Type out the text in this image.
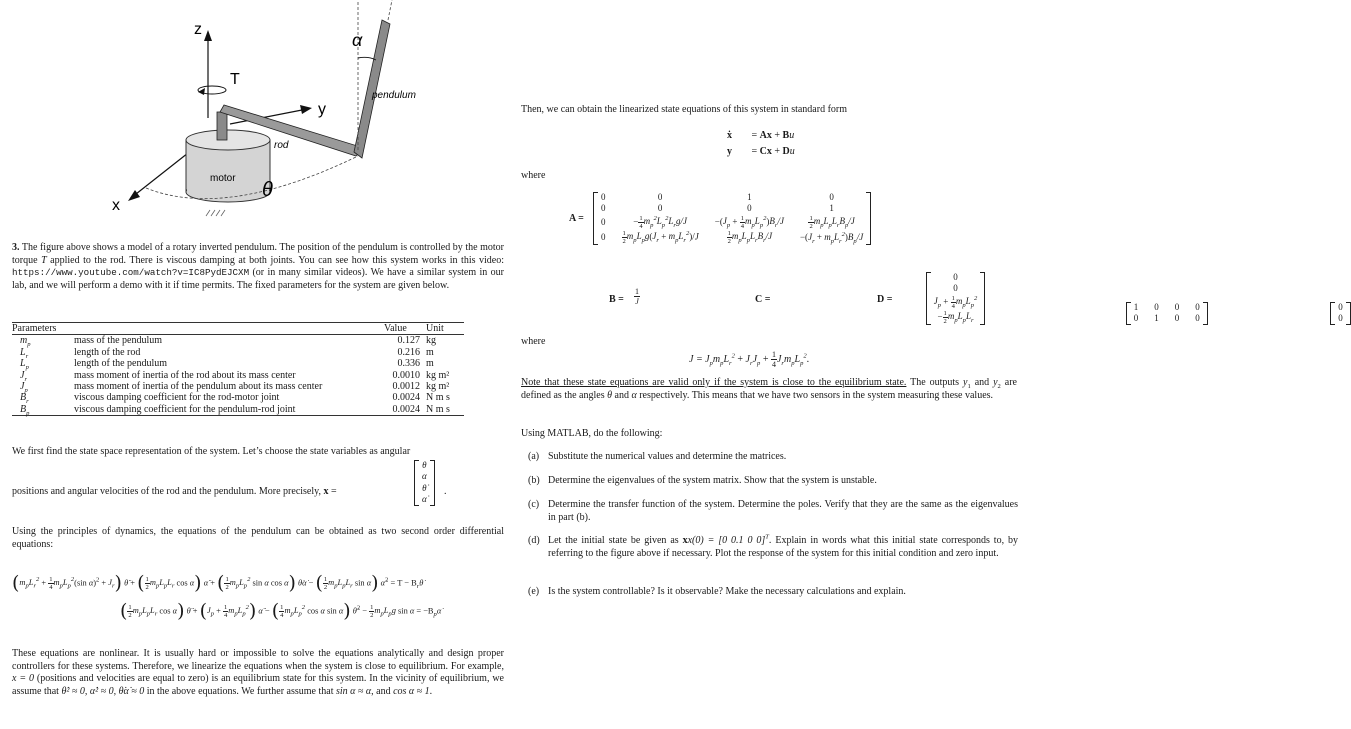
z
y
x
T
motor
rod
pendulum
α
θ

3. The figure above shows a model of a rotary inverted pendulum. The position of the pendulum is controlled by the motor torque T applied to the rod. There is viscous damping at both joints. You can see how this system works in this video: https://www.youtube.com/watch?v=IC8PydEJCXM (or in many similar videos). We have a similar system in our lab, and we will perform a demo with it if time permits. The fixed parameters for the system are given below.

Parameters		Value	Unit
$m_p$	mass of the pendulum	0.127	kg
$L_r$	length of the rod	0.216	m
$L_p$	length of the pendulum	0.336	m
$J_r$	mass moment of inertia of the rod about its mass center	0.0010	kg m²
$J_p$	mass moment of inertia of the pendulum about its mass center	0.0012	kg m²
$B_r$	viscous damping coefficient for the rod-motor joint	0.0024	N m s
$B_p$	viscous damping coefficient for the pendulum-rod joint	0.0024	N m s

We first find the state space representation of the system. Let’s choose the state variables as angular

positions and angular velocities of the rod and the pendulum. More precisely, x =
θ
α
θ̇
α̇
.

Using the principles of dynamics, the equations of the pendulum can be obtained as two second order differential equations:

($m_pL_r^2 + \frac{1}{4} m_pL_p^2(\sin$ $\alpha)^2 + J_r$) θ̈ + ( $\frac{1}{2} m_pL_pL_r$ cos α) α̈ + ( $\frac{1}{2} m_pL_p^2$ sin α cos α) θ̇α̇ − ( $\frac{1}{2} m_pL_pL_r$ sin α) α̇$^2$ = $T - B_r\thetȧ$
( $\frac{1}{2} m_pL_pL_r$ cos α) θ̈ + $(J_p + \frac{1}{4} m_pL_p^2)$ α̈ − ( $\frac{1}{4} m_pL_p^2$ cos α sin α) θ̇$^2$ − $\frac{1}{2} m_pL_pg$ $\sin \alpha = -B_p\alphȧ$

These equations are nonlinear. It is usually hard or impossible to solve the equations analytically and design proper controllers for these systems. Therefore, we linearize the equations when the system is close to equilibrium. For example, x = 0 (positions and velocities are equal to zero) is an equilibrium state for this system. In the vicinity of equilibrium, we assume that θ̇² ≈ 0, α̇² ≈ 0, θ̇α̇ ≈ 0 in the above equations. We further assume that sin α ≈ α, and cos α ≈ 1.

Then, we can obtain the linearized state equations of this system in standard form

ẋ = Ax + Bu
y = Cx + Du

where

A =
0	0	1	0
0	0	0	1
0	− $\frac{1}{4} m_p^2L_p^2L_rg/J$	$-(J_p + \frac{1}{4} m_pL_p^2)B_r/J$	$\frac{1}{2} m_pL_pL_rB_p/J$
0	$\frac{1}{2} m_pL_pg(J_r + m_pL_r^2)/J$	$\frac{1}{2} m_pL_pL_rB_r/J$	$-(J_r + m_pL_r^2)B_p/J$

$B = \frac{1}{J}$
0
0
$J_p + \frac{1}{4} m_pL_p^2$
− $\frac{1}{2} m_pL_pL_r$

C =
1	0	0	0
0	1	0	0

D =
0
0

where

$J = J_pm_pL_r^2 + J_rJ_p + \frac{1}{4} J_rm_pL_p^2$.

Note that these state equations are valid only if the system is close to the equilibrium state. The outputs $y_1$ and $y_2$ are defined as the angles θ and α respectively. This means that we have two sensors in the system measuring these values.

Using MATLAB, do the following:

(a) Substitute the numerical values and determine the matrices.
(b) Determine the eigenvalues of the system matrix. Show that the system is unstable.
(c) Determine the transfer function of the system. Determine the poles. Verify that they are the same as the eigenvalues in part (b).
(d) Let the initial state be given as xx(0) = [0 0.1 0 0]$^T$. Explain in words what this initial state corresponds to, by referring to the figure above if necessary. Plot the response of the system for this initial condition and zero input.
(e) Is the system controllable? Is it observable? Make the necessary calculations and explain.
